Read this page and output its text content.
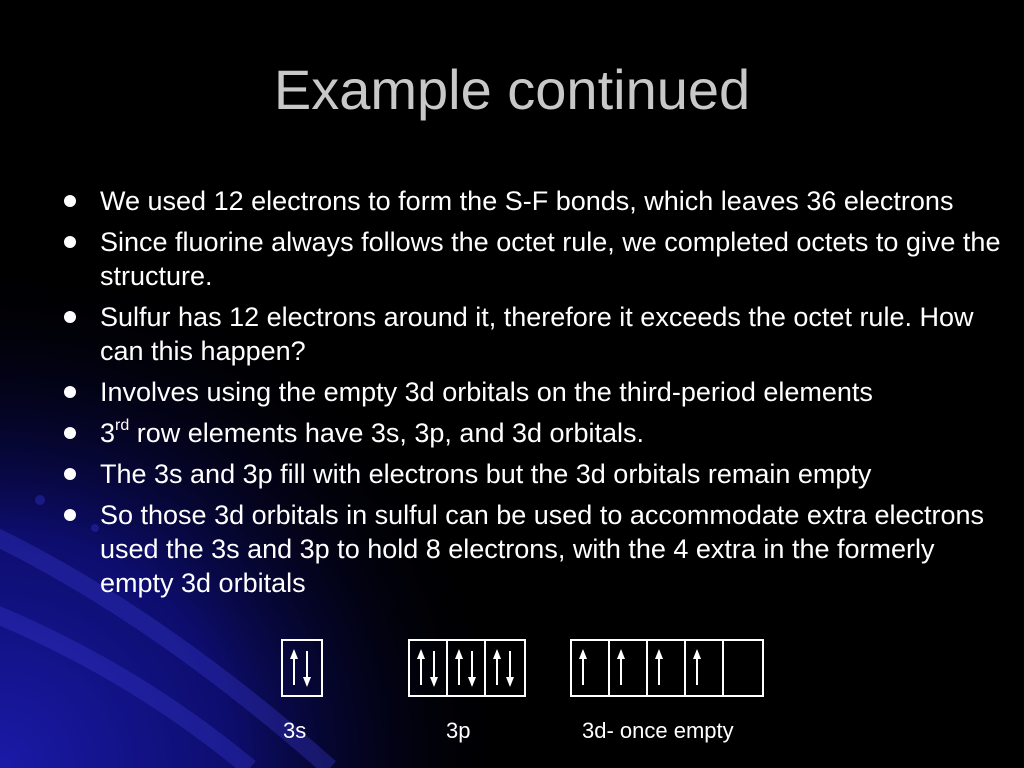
Example continued
We used 12 electrons to form the S-F bonds, which leaves 36 electrons
Since fluorine always follows the octet rule, we completed octets to give the structure.
Sulfur has 12 electrons around it, therefore it exceeds the octet rule. How can this happen?
Involves using the empty 3d orbitals on the third-period elements
3rd row elements have 3s, 3p, and 3d orbitals.
The 3s and 3p fill with electrons but the 3d orbitals remain empty
So those 3d orbitals in sulful can be used to accommodate extra electrons used the 3s and 3p to hold 8 electrons, with the 4 extra in the formerly empty 3d orbitals
3s	3p	3d- once empty
